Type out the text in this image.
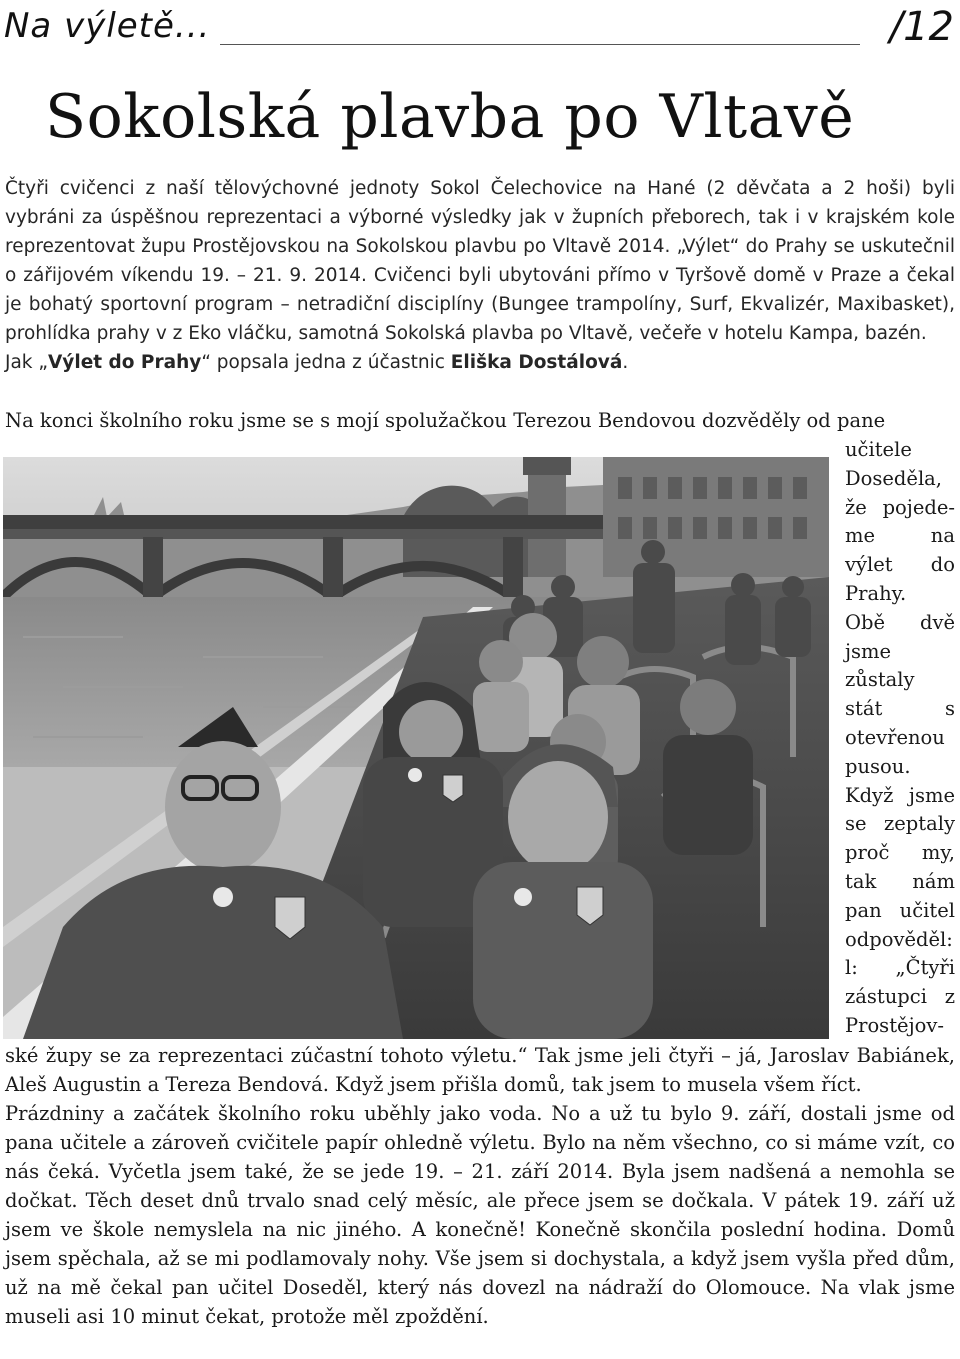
Na výletě...	/12
Sokolská plavba po Vltavě

Čtyři cvičenci z naší tělovýchovné jednoty Sokol Čelechovice na Hané (2 děvčata a 2 hoši) byli vybráni za úspěšnou reprezentaci a výborné výsledky jak v župních přeborech, tak i v krajském kole reprezentovat župu Prostějovskou na Sokolskou plavbu po Vltavě 2014. „Výlet“ do Prahy se uskutečnil o zářijovém víkendu 19. – 21. 9. 2014. Cvičenci byli ubytováni přímo v Tyršově domě v Praze a čekal je bohatý sportovní program – netradiční disciplíny (Bungee trampolíny, Surf, Ekvalizér, Maxibasket), prohlídka prahy v z Eko vláčku, samotná Sokolská plavba po Vltavě, večeře v hotelu Kampa, bazén.

Jak „Výlet do Prahy“ popsala jedna z účastnic Eliška Dostálová.

Na konci školního roku jsme se s mojí spolužačkou Terezou Bendovou dozvěděly od pane
učitele
Doseděla,
že pojede-
me na
výlet do
Prahy.
Obě dvě
jsme
zůstaly
stát s
otevřenou
pusou.
Když jsme
se zeptaly
proč my,
tak nám
pan učitel
odpověděl:
l: „Čtyři
zástupci z
Prostějov-

ské župy se za reprezentaci zúčastní tohoto výletu.“ Tak jsme jeli čtyři – já, Jaroslav Babiánek, Aleš Augustin a Tereza Bendová. Když jsem přišla domů, tak jsem to musela všem říct.

Prázdniny a začátek školního roku uběhly jako voda. No a už tu bylo 9. září, dostali jsme od pana učitele a zároveň cvičitele papír ohledně výletu. Bylo na něm všechno, co si máme vzít, co nás čeká. Vyčetla jsem také, že se jede 19. – 21. září 2014. Byla jsem nadšená a nemohla se dočkat. Těch deset dnů trvalo snad celý měsíc, ale přece jsem se dočkala. V pátek 19. září už jsem ve škole nemyslela na nic jiného. A konečně! Konečně skončila poslední hodina. Domů jsem spěchala, až se mi podlamovaly nohy. Vše jsem si dochystala, a když jsem vyšla před dům, už na mě čekal pan učitel Doseděl, který nás dovezl na nádraží do Olomouce. Na vlak jsme museli asi 10 minut čekat, protože měl zpoždění.
